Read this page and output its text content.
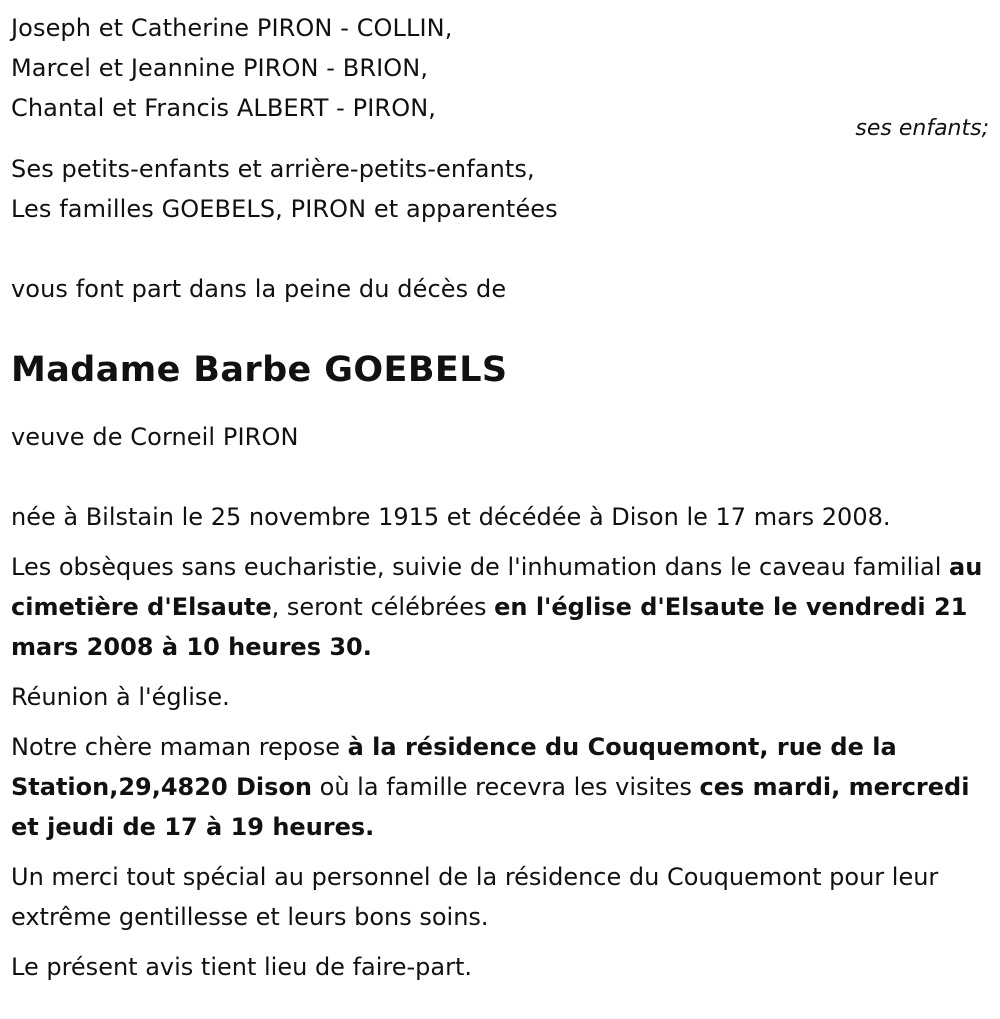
Joseph et Catherine PIRON - COLLIN,
Marcel et Jeannine PIRON - BRION,
Chantal et Francis ALBERT - PIRON,
ses enfants;
Ses petits-enfants et arrière-petits-enfants,
Les familles GOEBELS, PIRON et apparentées
vous font part dans la peine du décès de
Madame Barbe GOEBELS
veuve de Corneil PIRON
née à Bilstain le 25 novembre 1915 et décédée à Dison le 17 mars 2008.
Les obsèques sans eucharistie, suivie de l'inhumation dans le caveau familial au cimetière d'Elsaute, seront célébrées en l'église d'Elsaute le vendredi 21 mars 2008 à 10 heures 30.
Réunion à l'église.
Notre chère maman repose à la résidence du Couquemont, rue de la Station,29,4820 Dison où la famille recevra les visites ces mardi, mercredi et jeudi de 17 à 19 heures.
Un merci tout spécial au personnel de la résidence du Couquemont pour leur extrême gentillesse et leurs bons soins.
Le présent avis tient lieu de faire-part.
